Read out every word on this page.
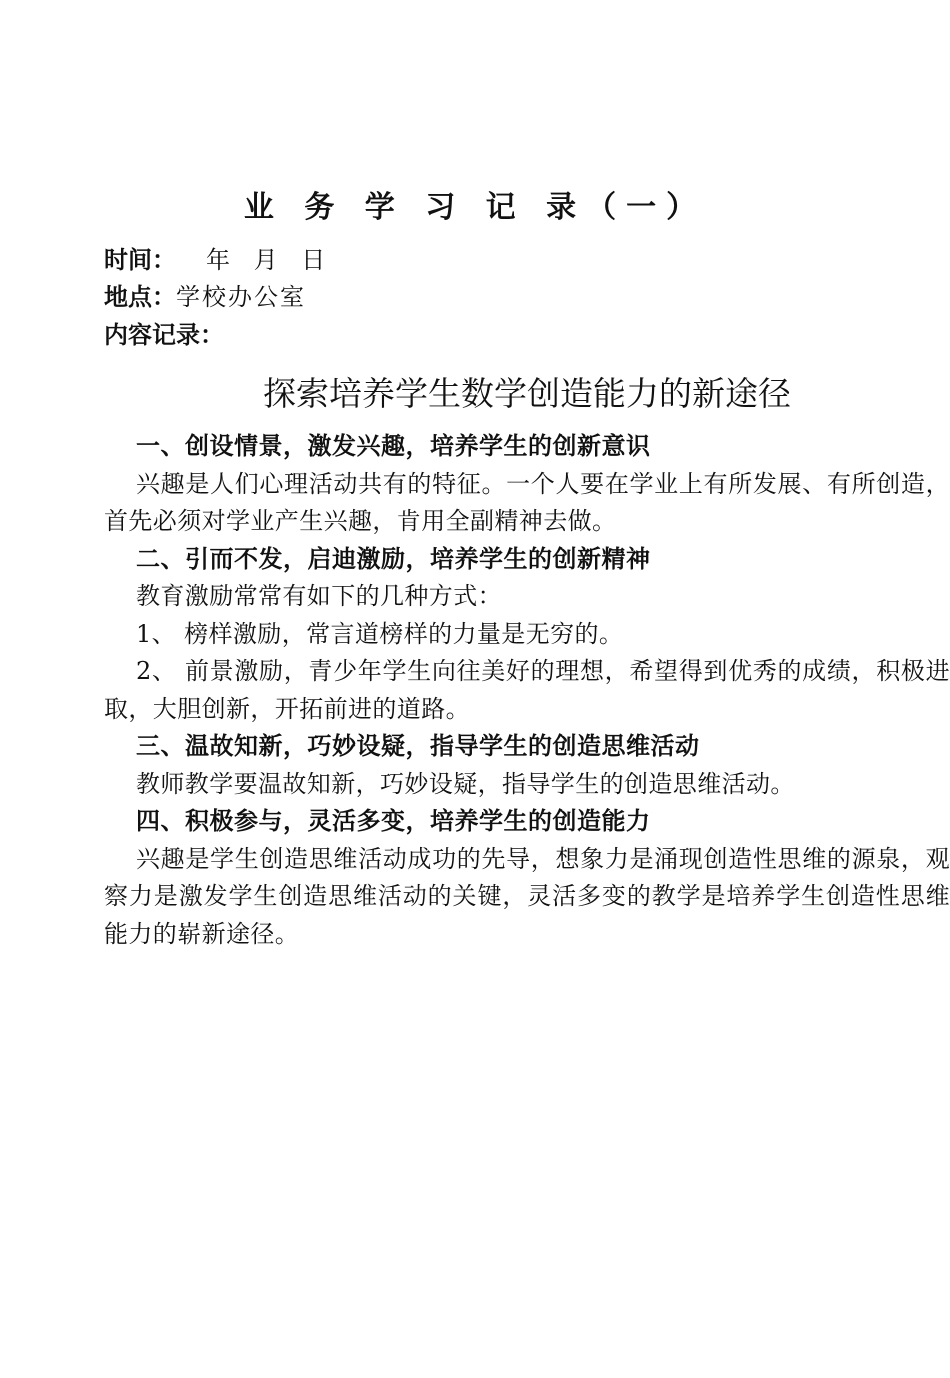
业 务 学 习 记 录（一）
时间： 年 月 日
地点：学校办公室
内容记录：
探索培养学生数学创造能力的新途径
一、创设情景，激发兴趣，培养学生的创新意识

兴趣是人们心理活动共有的特征。一个人要在学业上有所发展、有所创造，首先必须对学业产生兴趣，肯用全副精神去做。

二、引而不发，启迪激励，培养学生的创新精神

教育激励常常有如下的几种方式：

1、 榜样激励，常言道榜样的力量是无穷的。

2、 前景激励，青少年学生向往美好的理想，希望得到优秀的成绩，积极进取，大胆创新，开拓前进的道路。

三、温故知新，巧妙设疑，指导学生的创造思维活动

教师教学要温故知新，巧妙设疑，指导学生的创造思维活动。

四、积极参与，灵活多变，培养学生的创造能力

兴趣是学生创造思维活动成功的先导，想象力是涌现创造性思维的源泉，观察力是激发学生创造思维活动的关键，灵活多变的教学是培养学生创造性思维能力的崭新途径。
